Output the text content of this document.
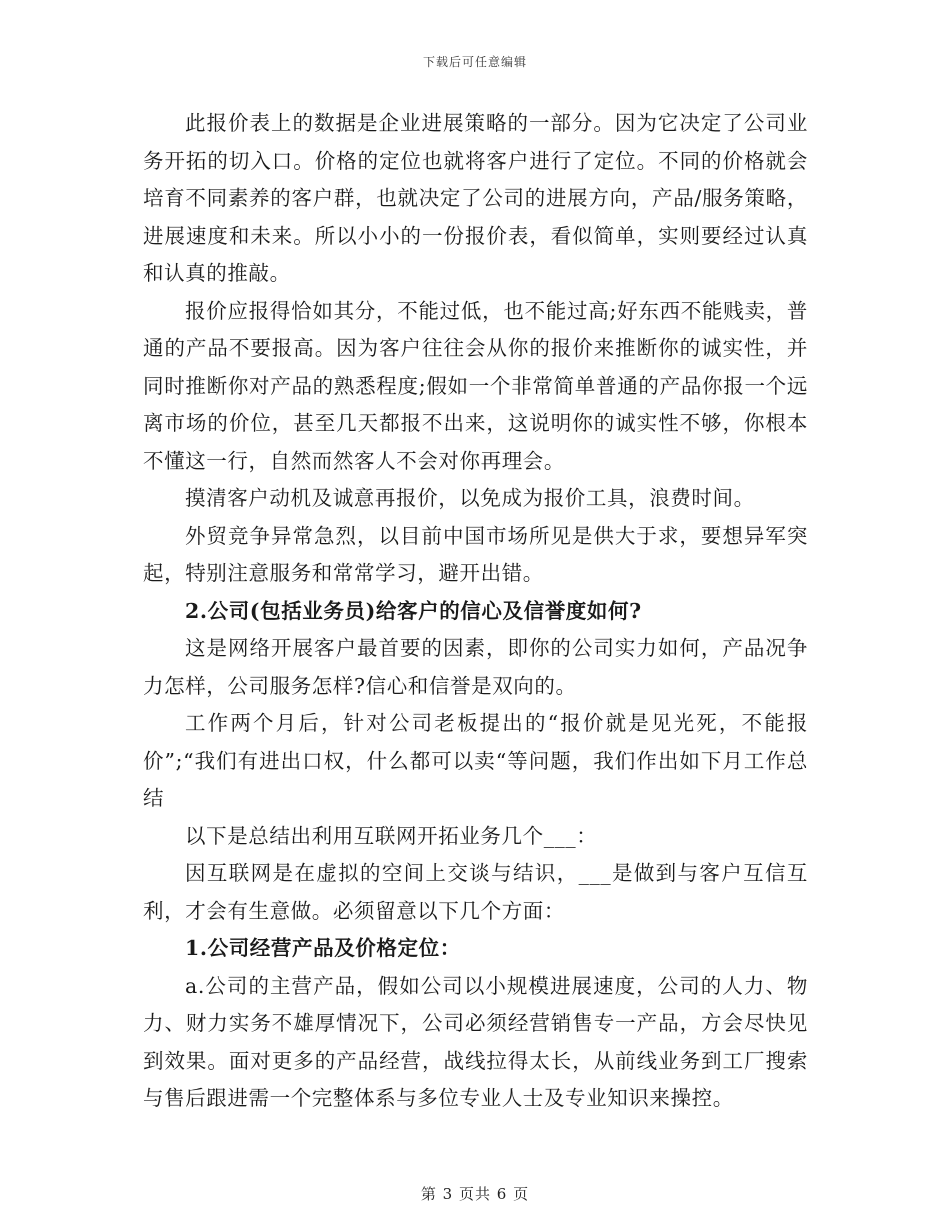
下载后可任意编辑

此报价表上的数据是企业进展策略的一部分。因为它决定了公司业务开拓的切入口。价格的定位也就将客户进行了定位。不同的价格就会培育不同素养的客户群，也就决定了公司的进展方向，产品/服务策略，进展速度和未来。所以小小的一份报价表，看似简单，实则要经过认真和认真的推敲。

报价应报得恰如其分，不能过低，也不能过高;好东西不能贱卖，普通的产品不要报高。因为客户往往会从你的报价来推断你的诚实性，并同时推断你对产品的熟悉程度;假如一个非常简单普通的产品你报一个远离市场的价位，甚至几天都报不出来，这说明你的诚实性不够，你根本不懂这一行，自然而然客人不会对你再理会。

摸清客户动机及诚意再报价，以免成为报价工具，浪费时间。

外贸竞争异常急烈，以目前中国市场所见是供大于求，要想异军突起，特别注意服务和常常学习，避开出错。

2.公司(包括业务员)给客户的信心及信誉度如何?

这是网络开展客户最首要的因素，即你的公司实力如何，产品况争力怎样，公司服务怎样?信心和信誉是双向的。

工作两个月后，针对公司老板提出的“报价就是见光死，不能报价”;“我们有进出口权，什么都可以卖“等问题，我们作出如下月工作总结

以下是总结出利用互联网开拓业务几个___：

因互联网是在虚拟的空间上交谈与结识，___是做到与客户互信互利，才会有生意做。必须留意以下几个方面：

1.公司经营产品及价格定位：

a.公司的主营产品，假如公司以小规模进展速度，公司的人力、物力、财力实务不雄厚情况下，公司必须经营销售专一产品，方会尽快见到效果。面对更多的产品经营，战线拉得太长，从前线业务到工厂搜索与售后跟进需一个完整体系与多位专业人士及专业知识来操控。

第 3 页共 6 页
